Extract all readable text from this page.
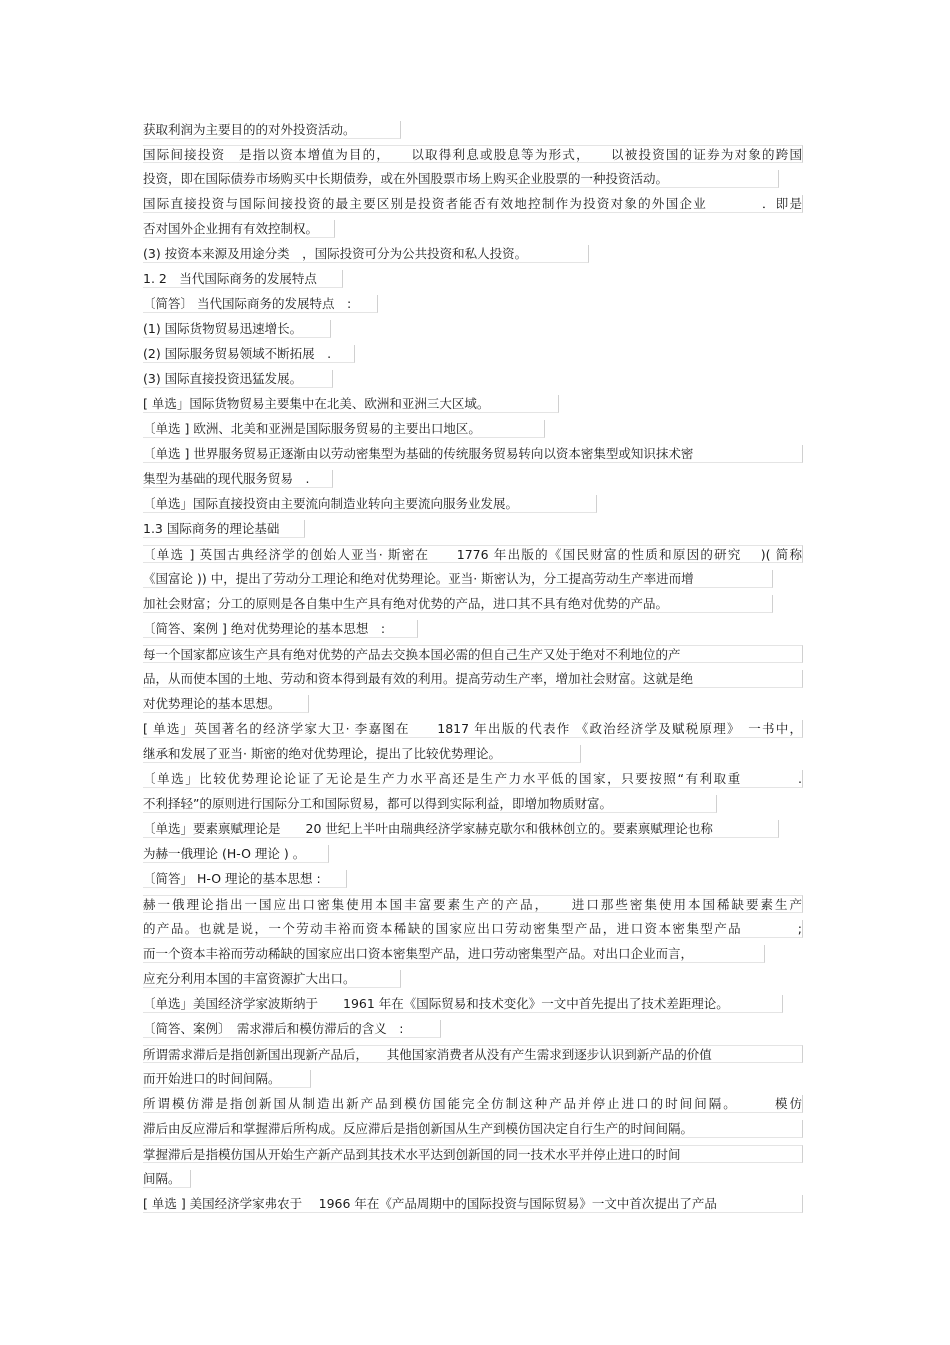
获取利润为主要目的的对外投资活动。
国际间接投资　是指以资本增值为目的，　　以取得利息或股息等为形式，　　以被投资国的证券为对象的跨国
投资，即在国际债券市场购买中长期债券，或在外国股票市场上购买企业股票的一种投资活动。
国际直接投资与国际间接投资的最主要区别是投资者能否有效地控制作为投资对象的外国企业　　　　．即是
否对国外企业拥有有效控制权。
(3) 按资本来源及用途分类　，国际投资可分为公共投资和私人投资。
1. 2　当代国际商务的发展特点
〔简答〕 当代国际商务的发展特点　:
(1) 国际货物贸易迅速增长。
(2) 国际服务贸易领域不断拓展　.
(3) 国际直接投资迅猛发展。
[ 单选」国际货物贸易主要集中在北美、欧洲和亚洲三大区域。
〔单选 ] 欧洲、北美和亚洲是国际服务贸易的主要出口地区。
〔单选 ] 世界服务贸易正逐渐由以劳动密集型为基础的传统服务贸易转向以资本密集型或知识抹术密
集型为基础的现代服务贸易　.
〔单选」国际直接投资由主要流向制造业转向主要流向服务业发展。
1.3 国际商务的理论基础
〔单选 ] 英国古典经济学的创始人亚当· 斯密在　　1776 年出版的《国民财富的性质和原因的研究　 )( 简称
《国富论 )) 中，提出了劳动分工理论和绝对优势理论。亚当· 斯密认为，分工提高劳动生产率进而增
加社会财富；分工的原则是各自集中生产具有绝对优势的产品，进口其不具有绝对优势的产品。
〔简答、案例 ] 绝对优势理论的基本思想　:
每一个国家都应该生产具有绝对优势的产品去交换本国必需的但自己生产又处于绝对不利地位的产
品，从而使本国的土地、劳动和资本得到最有效的利用。提高劳动生产率，增加社会财富。这就是绝
对优势理论的基本思想。
[ 单选」英国著名的经济学家大卫· 李嘉图在　　1817 年出版的代表作 《政治经济学及赋税原理》　一书中，
继承和发展了亚当· 斯密的绝对优势理论，提出了比较优势理论。
〔单选」比较优势理论论证了无论是生产力水平高还是生产力水平低的国家，只要按照“有利取重　　　　.
不利择轻”的原则进行国际分工和国际贸易，都可以得到实际利益，即增加物质财富。
〔单选」要素禀赋理论是　　20 世纪上半叶由瑞典经济学家赫克歇尔和俄林创立的。要素禀赋理论也称
为赫一俄理论 (H-O 理论 ) 。
〔简答」 H-O 理论的基本思想 :
赫一俄理论指出一国应出口密集使用本国丰富要素生产的产品，　　进口那些密集使用本国稀缺要素生产
的产品。也就是说，一个劳动丰裕而资本稀缺的国家应出口劳动密集型产品，进口资本密集型产品　　　　;
而一个资本丰裕而劳动稀缺的国家应出口资本密集型产品，进口劳动密集型产品。对出口企业而言，
应充分利用本国的丰富资源扩大出口。
〔单选」美国经济学家波斯纳于　　1961 年在《国际贸易和技术变化》一文中首先提出了技术差距理论。
〔简答、案例〕　需求滞后和模仿滞后的含义　:
所谓需求滞后是指创新国出现新产品后，　　其他国家消费者从没有产生需求到逐步认识到新产品的价值
而开始进口的时间间隔。
所谓模仿滞是指创新国从制造出新产品到模仿国能完全仿制这种产品并停止进口的时间间隔。　　　模仿
滞后由反应滞后和掌握滞后所构成。反应滞后是指创新国从生产到模仿国决定自行生产的时间间隔。
掌握滞后是指模仿国从开始生产新产品到其技术水平达到创新国的同一技术水平并停止进口的时间
间隔。
[ 单选 ] 美国经济学家弗农于　 1966 年在《产品周期中的国际投资与国际贸易》一文中首次提出了产品
